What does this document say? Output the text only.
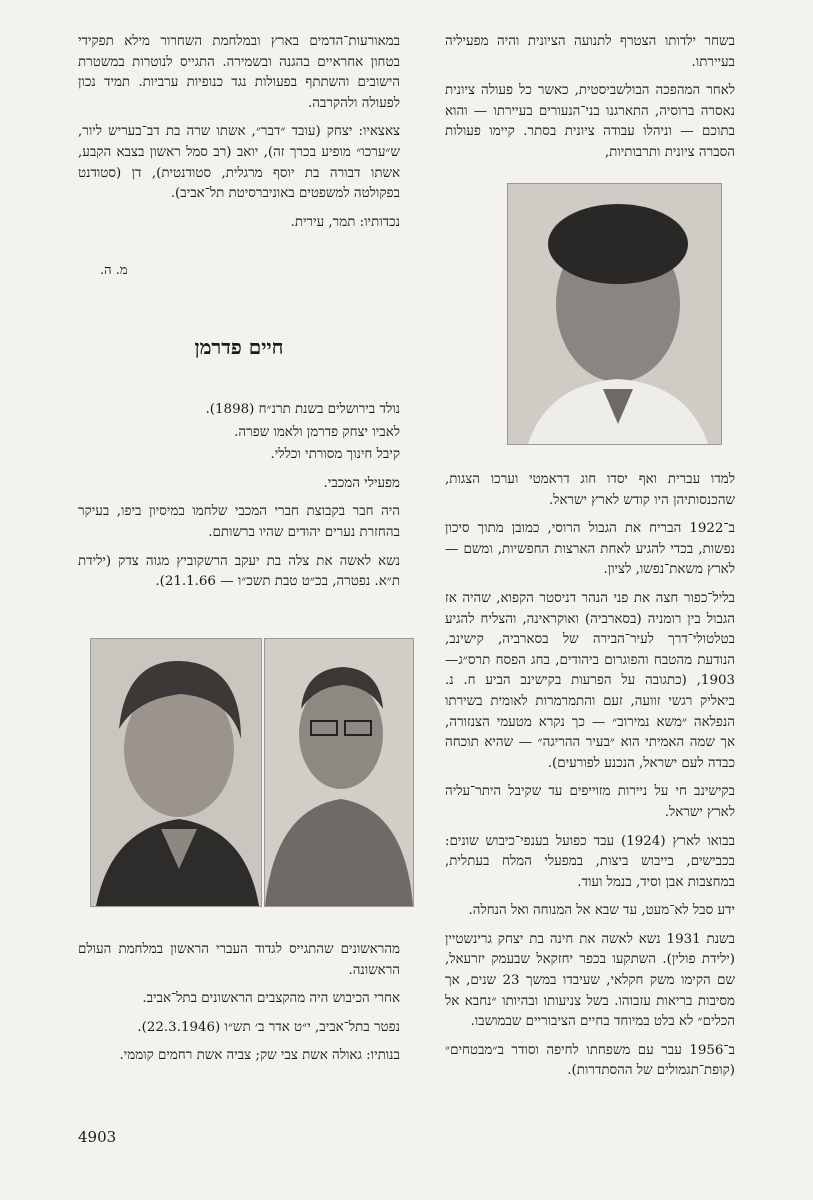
בשחר ילדותו הצטרף לתנועה הציונית והיה מפעיליה בעיירתו.

לאחר המהפכה הבולשביסטית, כאשר כל פעולה ציונית נאסרה ברוסיה, התארגנו בני־הנעורים בעיירתו — והוא בתוכם — וניהלו עבודה ציונית בסתר. קיימו פעולות הסברה ציונית ותרבותיות,

למדו עברית ואף יסדו חוג דראמטי וערכו הצגות, שהכנסותיהן היו קודש לארץ ישראל.

ב־1922 הבריח את הגבול הרוסי, כמובן מתוך סיכון נפשות, בכדי להגיע לאחת הארצות החפשיות, ומשם — לארץ משאת־נפשו, לציון.

בליל־כפור חצה את פני הנהר דניסטר הקפוא, שהיה אז הגבול בין רומניה (בסארביה) ואוקראינה, והצליח להגיע בטלטולי־דרך לעיר־הבירה של בסארביה, קישינב, הנודעת מהטבח והפוגרום ביהודים, בחג הפסח תרס״ג—1903, (כתגובה על הפרעות בקישינב הביע ח. נ. ביאליק רגשי זוועה, זעם והתמרמרות לאומית בשירתו הנפלאה ״משא נמירוב״ — כך נקרא מטעמי הצנזורה, אך שמה האמיתי הוא ״בעיר ההריגה״ — שהיא תוכחה כבדה לעם ישראל, הנכנע לפורעים).

בקישינב חי על ניירות מזוייפים עד שקיבל היתר־עליה לארץ ישראל.

בבואו לארץ (1924) עבד כפועל בענפי־כיבוש שונים: בכבישים, בייבוש ביצות, במפעלי המלח בעתלית, במחצבות אבן וסיד, בנמל ועוד.

ידע סבל לא־מעט, עד שבא אל המנוחה ואל הנחלה.

בשנת 1931 נשא לאשה את חינה בת יצחק גרינשטיין (ילידת פולין). השתקעו בכפר יחזקאל שבעמק יזרעאל, שם הקימו משק חקלאי, שעיבדו במשך 23 שנים, אך מסיבות בריאות עזבוהו. בשל צניעותו ובהיותו ״נחבא אל הכלים״ לא בלט במיוחד בחיים הציבוריים שבמושבו.

ב־1956 עבר עם משפחתו לחיפה וסודר ב״מבטחים״ (קופת־תגמולים של ההסתדרות).

במאורעות־הדמים בארץ ובמלחמת השחרור מילא תפקידי בטחון אחראיים בהגנה ובשמירה. התגייס לנוטרות במשטרת הישובים והשתתף בפעולות נגד כנופיות ערביות. תמיד נכון לפעולה ולהקרבה.

צאצאיו: יצחק (עובד ״דבר״, אשתו שרה בת דב־בעריש ליור, ש״ערכו״ מופיע בכרך זה), יואב (רב סמל ראשון בצבא הקבע, אשתו דבורה בת יוסף מרגלית, סטודנטית), דן (סטודנט בפקולטה למשפטים באוניברסיטת תל־אביב).

נכדותיו: תמר, עירית.

מ. ה.
חיים פדרמן

נולד בירושלים בשנת תרנ״ח (1898).

לאביו יצחק פדרמן ולאמו שפרה.

קיבל חינוך מסורתי וכללי.

מפעילי המכבי.

היה חבר בקבוצת חברי המכבי שלחמו במיסיון ביפו, בעיקר בהחזרת נערים יהודים שהיו ברשותם.

נשא לאשה את צלה בת יעקב הרשקוביץ מגוה צדק (ילידת ת״א. נפטרה, בכ״ט טבת תשכ״ו — 21.1.66).

מהראשונים שהתגייס לגדוד העברי הראשון במלחמת העולם הראשונה.

אחרי הכיבוש היה מהקצבים הראשונים בתל־אביב.

נפטר בתל־אביב, י״ט אדר ב׳ תש״ו (22.3.1946).

בנותיו: גאולה אשת צבי שק; צביה אשת רחמים קוממי.

4903
